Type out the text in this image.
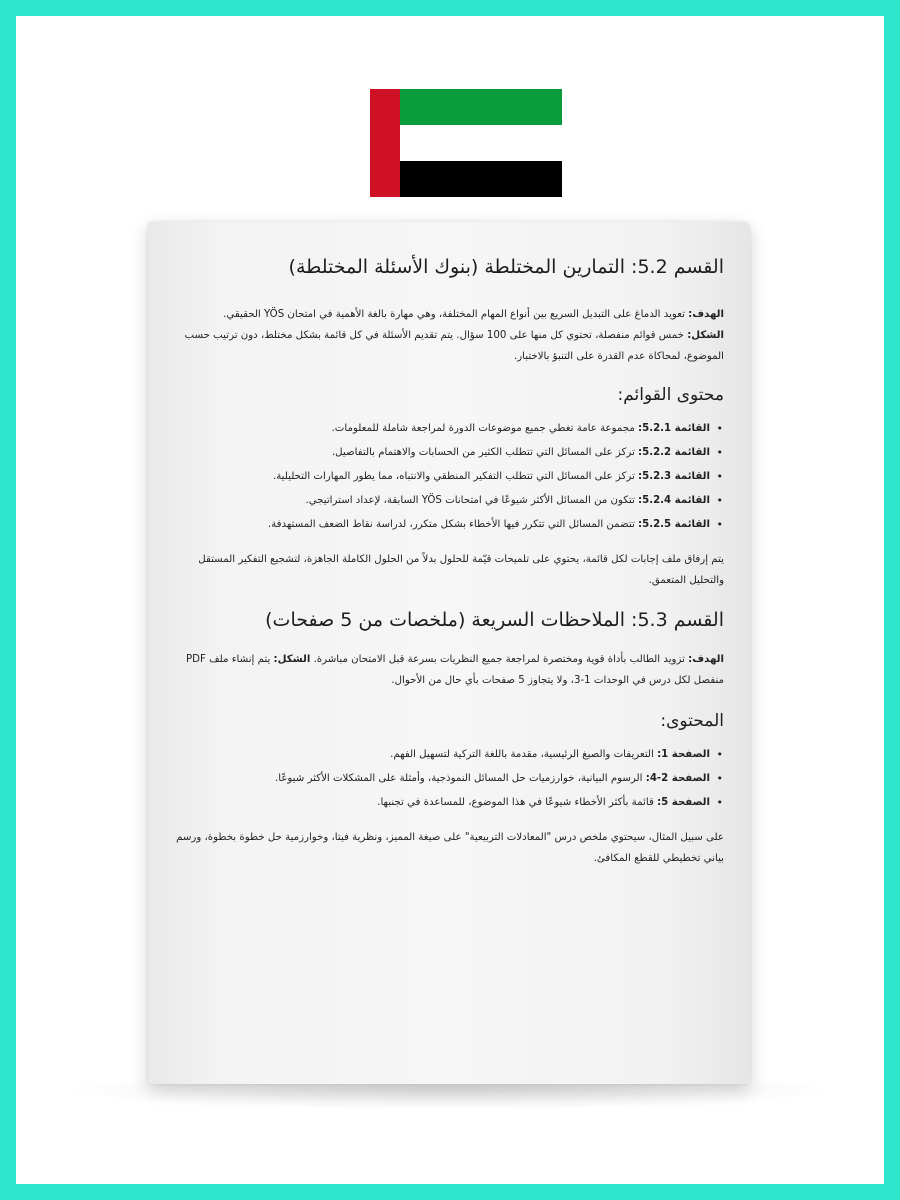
القسم 5.2: التمارين المختلطة (بنوك الأسئلة المختلطة)

الهدف: تعويد الدماغ على التبديل السريع بين أنواع المهام المختلفة، وهي مهارة بالغة الأهمية في امتحان YÖS الحقيقي.

الشكل: خمس قوائم منفصلة، تحتوي كل منها على 100 سؤال. يتم تقديم الأسئلة في كل قائمة بشكل مختلط، دون ترتيب حسب الموضوع، لمحاكاة عدم القدرة على التنبؤ بالاختبار.

محتوى القوائم:
• القائمة 5.2.1: مجموعة عامة تغطي جميع موضوعات الدورة لمراجعة شاملة للمعلومات.
• القائمة 5.2.2: تركز على المسائل التي تتطلب الكثير من الحسابات والاهتمام بالتفاصيل.
• القائمة 5.2.3: تركز على المسائل التي تتطلب التفكير المنطقي والانتباه، مما يطور المهارات التحليلية.
• القائمة 5.2.4: تتكون من المسائل الأكثر شيوعًا في امتحانات YÖS السابقة، لإعداد استراتيجي.
• القائمة 5.2.5: تتضمن المسائل التي تتكرر فيها الأخطاء بشكل متكرر، لدراسة نقاط الضعف المستهدفة.

يتم إرفاق ملف إجابات لكل قائمة، يحتوي على تلميحات قيّمة للحلول بدلاً من الحلول الكاملة الجاهزة، لتشجيع التفكير المستقل والتحليل المتعمق.

القسم 5.3: الملاحظات السريعة (ملخصات من 5 صفحات)

الهدف: تزويد الطالب بأداة قوية ومختصرة لمراجعة جميع النظريات بسرعة قبل الامتحان مباشرة. الشكل: يتم إنشاء ملف PDF منفصل لكل درس في الوحدات 1-3، ولا يتجاوز 5 صفحات بأي حال من الأحوال.

المحتوى:
• الصفحة 1: التعريفات والصيغ الرئيسية، مقدمة باللغة التركية لتسهيل الفهم.
• الصفحة 2-4: الرسوم البيانية، خوارزميات حل المسائل النموذجية، وأمثلة على المشكلات الأكثر شيوعًا.
• الصفحة 5: قائمة بأكثر الأخطاء شيوعًا في هذا الموضوع، للمساعدة في تجنبها.

على سبيل المثال، سيحتوي ملخص درس "المعادلات التربيعية" على صيغة المميز، ونظرية فيتا، وخوارزمية حل خطوة بخطوة، ورسم بياني تخطيطي للقطع المكافئ.
